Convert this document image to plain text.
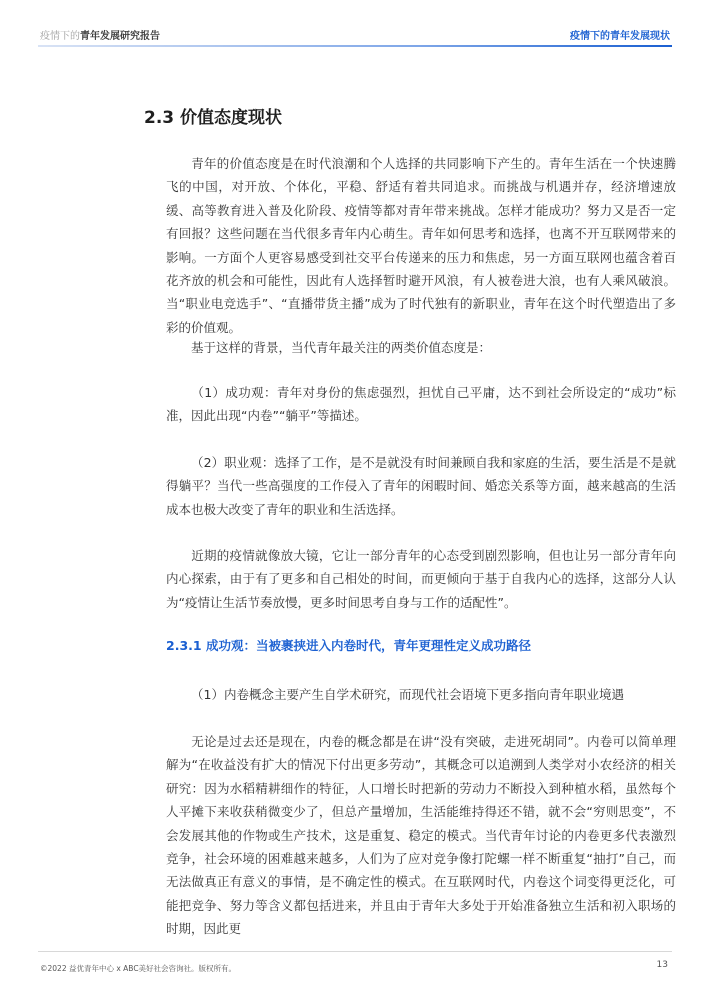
疫情下的青年发展研究报告	疫情下的青年发展现状
2.3 价值态度现状
青年的价值态度是在时代浪潮和个人选择的共同影响下产生的。青年生活在一个快速腾飞的中国，对开放、个体化，平稳、舒适有着共同追求。而挑战与机遇并存，经济增速放缓、高等教育进入普及化阶段、疫情等都对青年带来挑战。怎样才能成功？努力又是否一定有回报？这些问题在当代很多青年内心萌生。青年如何思考和选择，也离不开互联网带来的影响。一方面个人更容易感受到社交平台传递来的压力和焦虑，另一方面互联网也蕴含着百花齐放的机会和可能性，因此有人选择暂时避开风浪，有人被卷进大浪，也有人乘风破浪。当“职业电竞选手”、“直播带货主播”成为了时代独有的新职业，青年在这个时代塑造出了多彩的价值观。
基于这样的背景，当代青年最关注的两类价值态度是：
（1）成功观：青年对身份的焦虑强烈，担忧自己平庸，达不到社会所设定的“成功”标准，因此出现“内卷”“躺平”等描述。
（2）职业观：选择了工作，是不是就没有时间兼顾自我和家庭的生活，要生活是不是就得躺平？当代一些高强度的工作侵入了青年的闲暇时间、婚恋关系等方面，越来越高的生活成本也极大改变了青年的职业和生活选择。
近期的疫情就像放大镜，它让一部分青年的心态受到剧烈影响，但也让另一部分青年向内心探索，由于有了更多和自己相处的时间，而更倾向于基于自我内心的选择，这部分人认为“疫情让生活节奏放慢，更多时间思考自身与工作的适配性”。
2.3.1 成功观：当被裹挟进入内卷时代，青年更理性定义成功路径
（1）内卷概念主要产生自学术研究，而现代社会语境下更多指向青年职业境遇
无论是过去还是现在，内卷的概念都是在讲“没有突破，走进死胡同”。内卷可以简单理解为“在收益没有扩大的情况下付出更多劳动”，其概念可以追溯到人类学对小农经济的相关研究：因为水稻精耕细作的特征，人口增长时把新的劳动力不断投入到种植水稻，虽然每个人平摊下来收获稍微变少了，但总产量增加，生活能维持得还不错，就不会“穷则思变”，不会发展其他的作物或生产技术，这是重复、稳定的模式。当代青年讨论的内卷更多代表激烈竞争，社会环境的困难越来越多，人们为了应对竞争像打陀螺一样不断重复“抽打”自己，而无法做真正有意义的事情，是不确定性的模式。在互联网时代，内卷这个词变得更泛化，可能把竞争、努力等含义都包括进来，并且由于青年大多处于开始准备独立生活和初入职场的时期，因此更
©2022 益优青年中心 x ABC美好社会咨询社。版权所有。	13
